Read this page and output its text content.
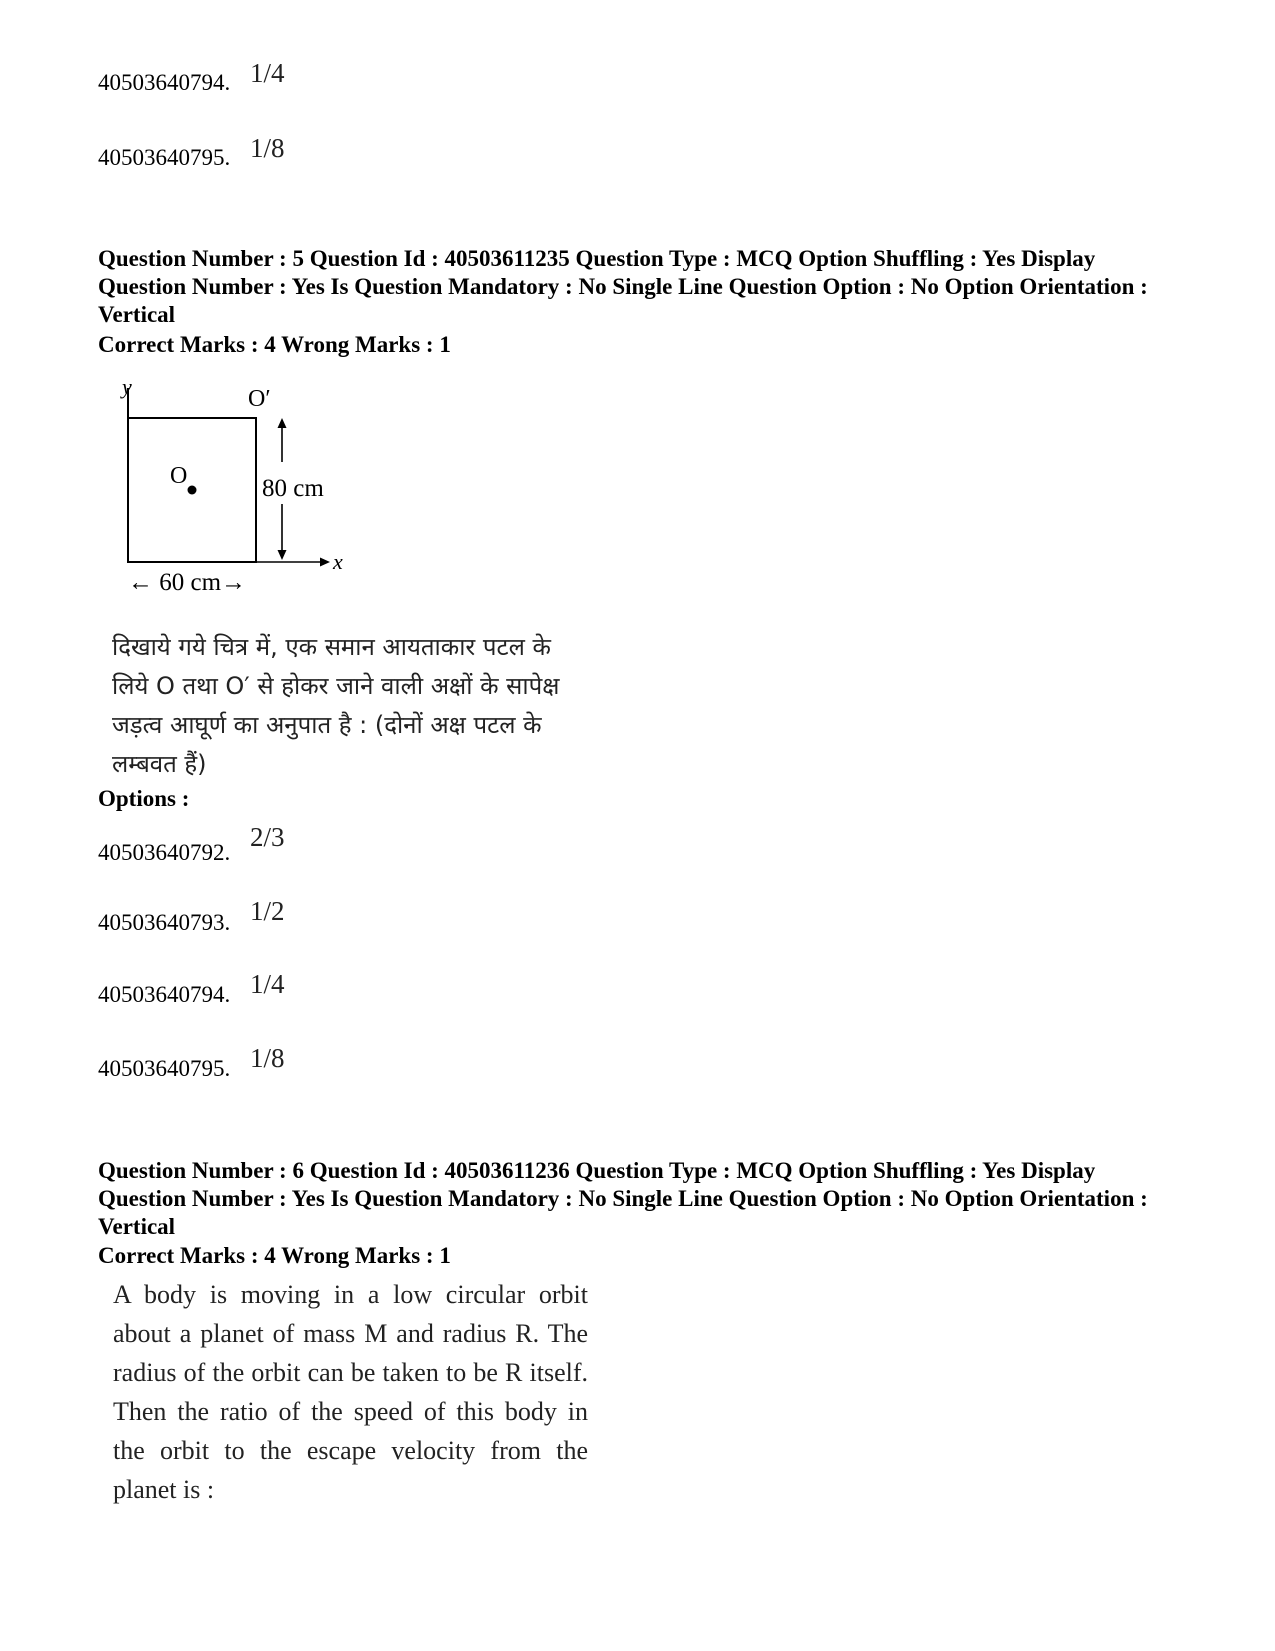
40503640794. 1/4
40503640795. 1/8
Question Number : 5 Question Id : 40503611235 Question Type : MCQ Option Shuffling : Yes Display Question Number : Yes Is Question Mandatory : No Single Line Question Option : No Option Orientation : Vertical
Correct Marks : 4 Wrong Marks : 1
y	O′
O	80 cm
x
← 60 cm→
दिखाये गये चित्र में, एक समान आयताकार पटल के
लिये O तथा O′ से होकर जाने वाली अक्षों के सापेक्ष
जड़त्व आघूर्ण का अनुपात है : (दोनों अक्ष पटल के
लम्बवत हैं)
Options :
40503640792.
2/3
40503640793. 1/2
40503640794. 1/4
40503640795. 1/8
Question Number : 6 Question Id : 40503611236 Question Type : MCQ Option Shuffling : Yes Display Question Number : Yes Is Question Mandatory : No Single Line Question Option : No Option Orientation : Vertical
Correct Marks : 4 Wrong Marks : 1
A body is moving in a low circular orbit
about a planet of mass M and radius R. The
radius of the orbit can be taken to be R itself.
Then the ratio of the speed of this body in
the orbit to the escape velocity from the
planet is :
